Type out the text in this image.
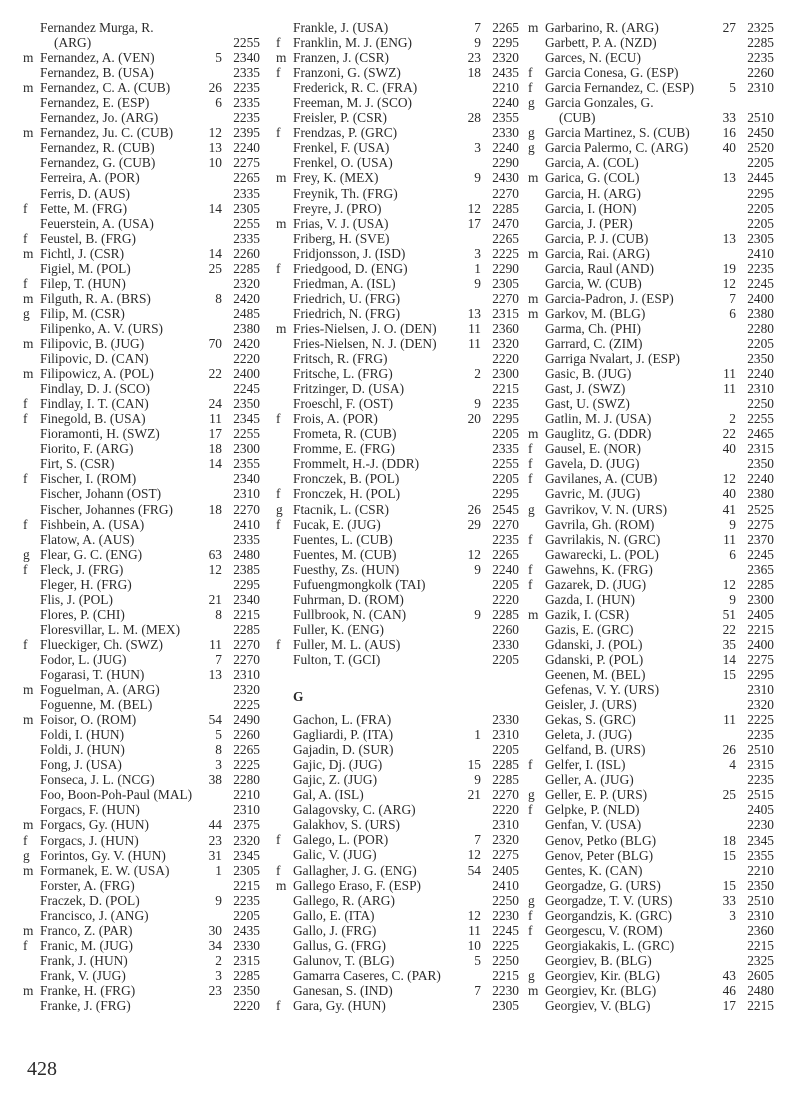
Fernandez Murga, R.
(ARG)	2255
m Fernandez, A. (VEN)	5 2340
Fernandez, B. (USA)	2335
m Fernandez, C. A. (CUB)	26 2235
Fernandez, E. (ESP)	6 2335
Fernandez, Jo. (ARG)	2235
m Fernandez, Ju. C. (CUB)	12 2395
Fernandez, R. (CUB)	13 2240
Fernandez, G. (CUB)	10 2275
Ferreira, A. (POR)	2265
Ferris, D. (AUS)	2335
f Fette, M. (FRG)	14 2305
Feuerstein, A. (USA)	2255
f Feustel, B. (FRG)	2335
m Fichtl, J. (CSR)	14 2260
Figiel, M. (POL)	25 2285
f Filep, T. (HUN)	2320
m Filguth, R. A. (BRS)	8 2420
g Filip, M. (CSR)	2485
Filipenko, A. V. (URS)	2380
m Filipovic, B. (JUG)	70 2420
Filipovic, D. (CAN)	2220
m Filipowicz, A. (POL)	22 2400
Findlay, D. J. (SCO)	2245
f Findlay, I. T. (CAN)	24 2350
f Finegold, B. (USA)	11 2345
Fioramonti, H. (SWZ)	17 2255
Fiorito, F. (ARG)	18 2300
Firt, S. (CSR)	14 2355
f Fischer, I. (ROM)	2340
Fischer, Johann (OST)	2310
Fischer, Johannes (FRG)	18 2270
f Fishbein, A. (USA)	2410
Flatow, A. (AUS)	2335
g Flear, G. C. (ENG)	63 2480
f Fleck, J. (FRG)	12 2385
Fleger, H. (FRG)	2295
Flis, J. (POL)	21 2340
Flores, P. (CHI)	8 2215
Floresvillar, L. M. (MEX)	2285
f Flueckiger, Ch. (SWZ)	11 2270
Fodor, L. (JUG)	7 2270
Fogarasi, T. (HUN)	13 2310
m Foguelman, A. (ARG)	2320
Foguenne, M. (BEL)	2225
m Foisor, O. (ROM)	54 2490
Foldi, I. (HUN)	5 2260
Foldi, J. (HUN)	8 2265
Fong, J. (USA)	3 2225
Fonseca, J. L. (NCG)	38 2280
Foo, Boon-Poh-Paul (MAL)	2210
Forgacs, F. (HUN)	2310
m Forgacs, Gy. (HUN)	44 2375
f Forgacs, J. (HUN)	23 2320
g Forintos, Gy. V. (HUN)	31 2345
m Formanek, E. W. (USA)	1 2305
Forster, A. (FRG)	2215
Fraczek, D. (POL)	9 2235
Francisco, J. (ANG)	2205
m Franco, Z. (PAR)	30 2435
f Franic, M. (JUG)	34 2330
Frank, J. (HUN)	2 2315
Frank, V. (JUG)	3 2285
m Franke, H. (FRG)	23 2350
Franke, J. (FRG)	2220
Frankle, J. (USA)	7 2265
f Franklin, M. J. (ENG)	9 2295
m Franzen, J. (CSR)	23 2320
f Franzoni, G. (SWZ)	18 2435
Frederick, R. C. (FRA)	2210
Freeman, M. J. (SCO)	2240
Freisler, P. (CSR)	28 2355
f Frendzas, P. (GRC)	2330
Frenkel, F. (USA)	3 2240
Frenkel, O. (USA)	2290
m Frey, K. (MEX)	9 2430
Freynik, Th. (FRG)	2270
Freyre, J. (PRO)	12 2285
m Frias, V. J. (USA)	17 2470
Friberg, H. (SVE)	2265
Fridjonsson, J. (ISD)	3 2225
f Friedgood, D. (ENG)	1 2290
Friedman, A. (ISL)	9 2305
Friedrich, U. (FRG)	2270
Friedrich, N. (FRG)	13 2315
m Fries-Nielsen, J. O. (DEN) 11 2360
Fries-Nielsen, N. J. (DEN) 11 2320
Fritsch, R. (FRG)	2220
Fritsche, L. (FRG)	2 2300
Fritzinger, D. (USA)	2215
Froeschl, F. (OST)	9 2235
f Frois, A. (POR)	20 2295
Frometa, R. (CUB)	2205
Fromme, E. (FRG)	2335
Frommelt, H.-J. (DDR)	2255
Fronczek, B. (POL)	2205
f Fronczek, H. (POL)	2295
g Ftacnik, L. (CSR)	26 2545
f Fucak, E. (JUG)	29 2270
Fuentes, L. (CUB)	2235
Fuentes, M. (CUB)	12 2265
Fuesthy, Zs. (HUN)	9 2240
Fufuengmongkolk (TAI)	2205
Fuhrman, D. (ROM)	2220
Fullbrook, N. (CAN)	9 2285
Fuller, K. (ENG)	2260
f Fuller, M. L. (AUS)	2330
Fulton, T. (GCI)	2205
G
Gachon, L. (FRA)	2330
Gagliardi, P. (ITA)	1 2310
Gajadin, D. (SUR)	2205
Gajic, Dj. (JUG)	15 2285
Gajic, Z. (JUG)	9 2285
Gal, A. (ISL)	21 2270
Galagovsky, C. (ARG)	2220
Galakhov, S. (URS)	2310
f Galego, L. (POR)	7 2320
Galic, V. (JUG)	12 2275
f Gallagher, J. G. (ENG)	54 2405
m Gallego Eraso, F. (ESP)	2410
Gallego, R. (ARG)	2250
Gallo, E. (ITA)	12 2230
Gallo, J. (FRG)	11 2245
Gallus, G. (FRG)	10 2225
Galunov, T. (BLG)	5 2250
Gamarra Caseres, C. (PAR)	2215
Ganesan, S. (IND)	7 2230
f Gara, Gy. (HUN)	2305
m Garbarino, R. (ARG)	27 2325
Garbett, P. A. (NZD)	2285
Garces, N. (ECU)	2235
f Garcia Conesa, G. (ESP)	2260
f Garcia Fernandez, C. (ESP)	5 2310
g Garcia Gonzales, G.
(CUB)	33 2510
g Garcia Martinez, S. (CUB) 16 2450
g Garcia Palermo, C. (ARG)	40 2520
Garcia, A. (COL)	2205
m Garica, G. (COL)	13 2445
Garcia, H. (ARG)	2295
Garcia, I. (HON)	2205
Garcia, J. (PER)	2205
Garcia, P. J. (CUB)	13 2305
m Garcia, Rai. (ARG)	2410
Garcia, Raul (AND)	19 2235
Garcia, W. (CUB)	12 2245
m Garcia-Padron, J. (ESP)	7 2400
m Garkov, M. (BLG)	6 2380
Garma, Ch. (PHI)	2280
Garrard, C. (ZIM)	2205
Garriga Nvalart, J. (ESP)	2350
Gasic, B. (JUG)	11 2240
Gast, J. (SWZ)	11 2310
Gast, U. (SWZ)	2250
Gatlin, M. J. (USA)	2 2255
m Gauglitz, G. (DDR)	22 2465
f Gausel, E. (NOR)	40 2315
f Gavela, D. (JUG)	2350
f Gavilanes, A. (CUB)	12 2240
Gavric, M. (JUG)	40 2380
g Gavrikov, V. N. (URS)	41 2525
Gavrila, Gh. (ROM)	9 2275
f Gavrilakis, N. (GRC)	11 2370
Gawarecki, L. (POL)	6 2245
f Gawehns, K. (FRG)	2365
f Gazarek, D. (JUG)	12 2285
Gazda, I. (HUN)	9 2300
m Gazik, I. (CSR)	51 2405
Gazis, E. (GRC)	22 2215
Gdanski, J. (POL)	35 2400
Gdanski, P. (POL)	14 2275
Geenen, M. (BEL)	15 2295
Gefenas, V. Y. (URS)	2310
Geisler, J. (URS)	2320
Gekas, S. (GRC)	11 2225
Geleta, J. (JUG)	2235
Gelfand, B. (URS)	26 2510
f Gelfer, I. (ISL)	4 2315
Geller, A. (JUG)	2235
g Geller, E. P. (URS)	25 2515
f Gelpke, P. (NLD)	2405
Genfan, V. (USA)	2230
Genov, Petko (BLG)	18 2345
Genov, Peter (BLG)	15 2355
Gentes, K. (CAN)	2210
Georgadze, G. (URS)	15 2350
g Georgadze, T. V. (URS)	33 2510
f Georgandzis, K. (GRC)	3 2310
f Georgescu, V. (ROM)	2360
Georgiakakis, L. (GRC)	2215
Georgiev, B. (BLG)	2325
g Georgiev, Kir. (BLG)	43 2605
m Georgiev, Kr. (BLG)	46 2480
Georgiev, V. (BLG)	17 2215
428
